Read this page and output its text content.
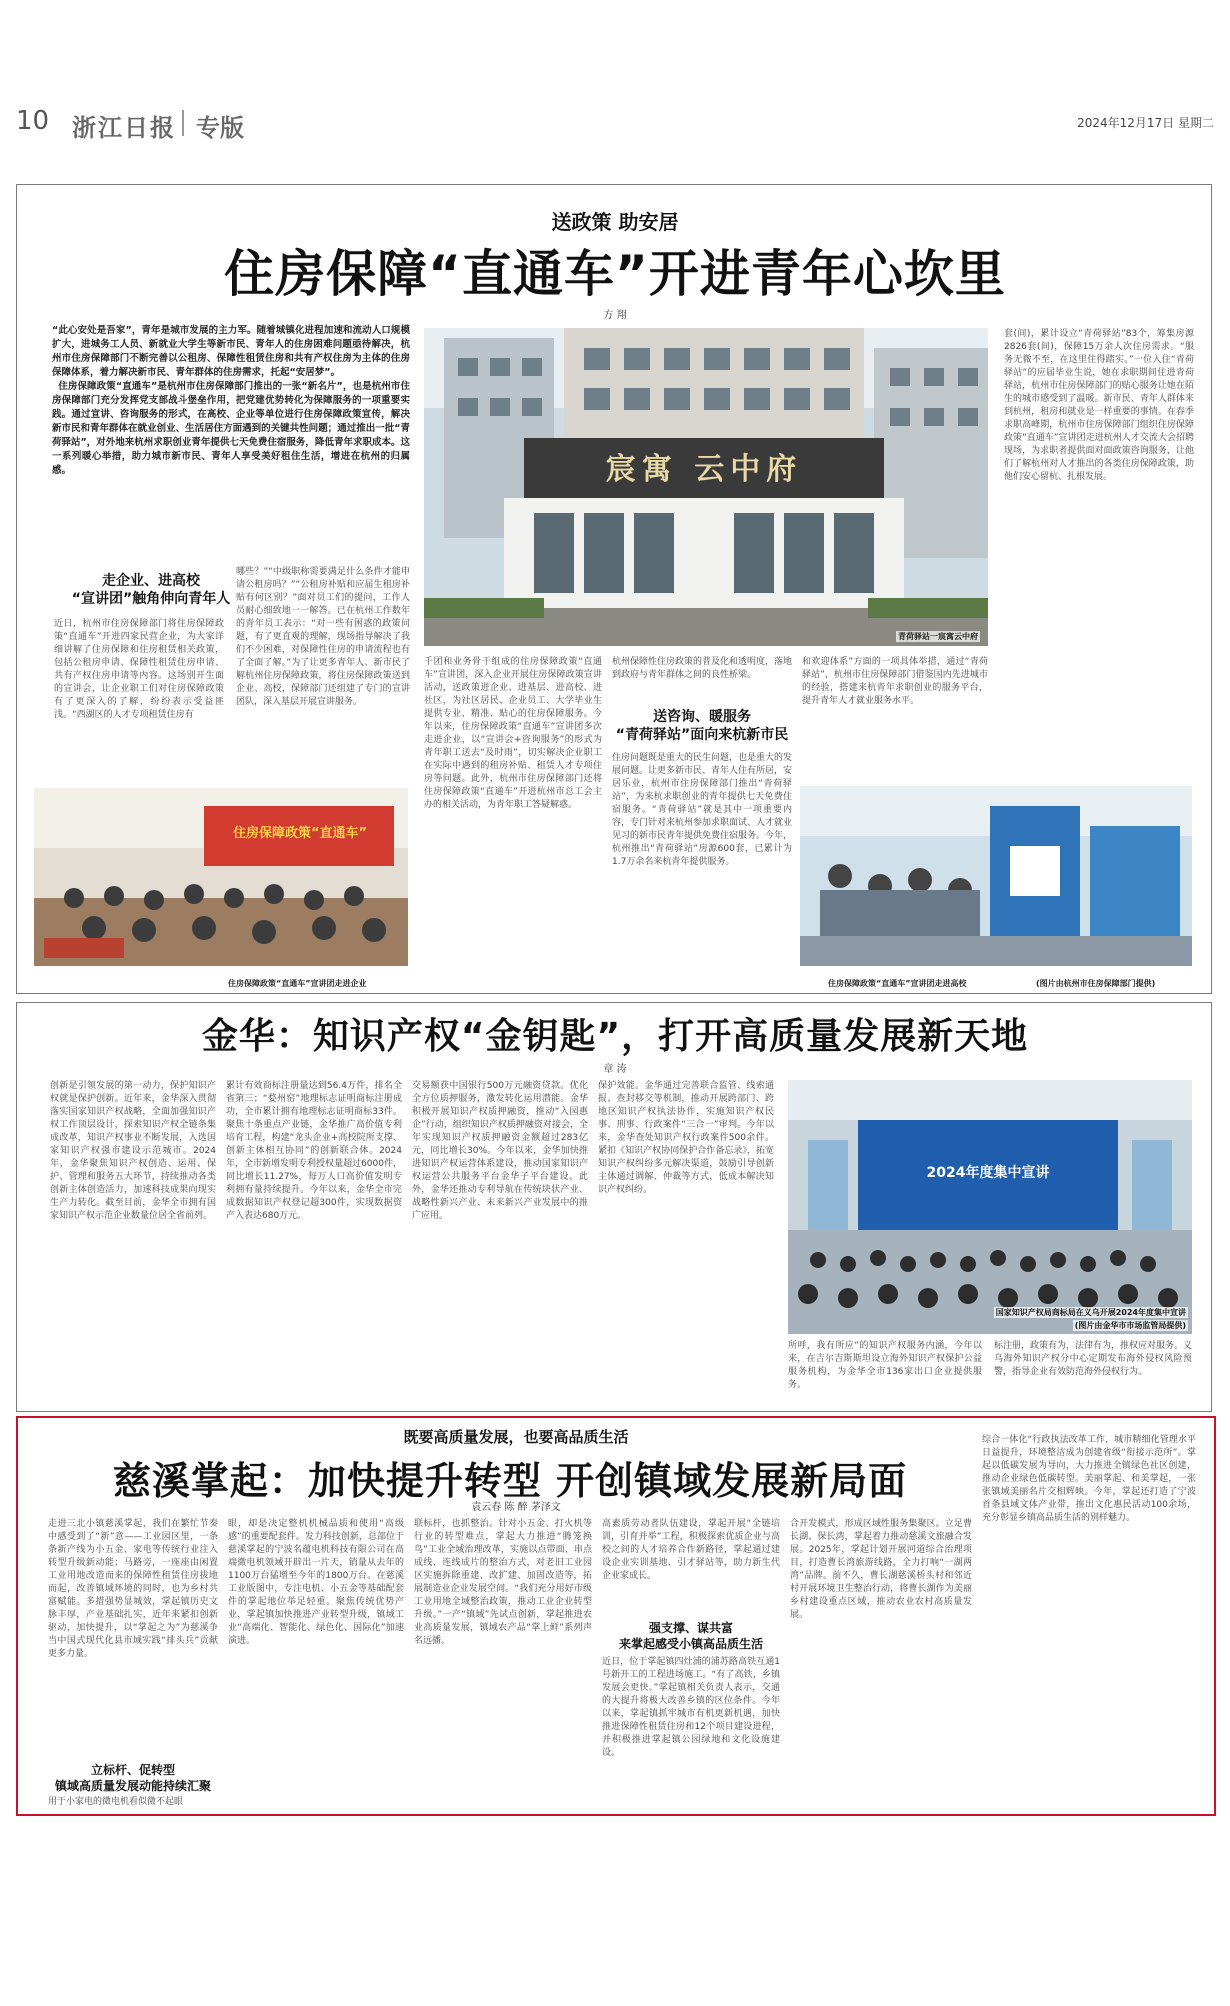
10 浙江日报 专版	2024年12月17日 星期二
送政策 助安居
住房保障“直通车”开进青年心坎里
方 翔
“此心安处是吾家”，青年是城市发展的主力军。随着城镇化进程加速和流动人口规模扩大，进城务工人员、新就业大学生等新市民、青年人的住房困难问题亟待解决，杭州市住房保障部门不断完善以公租房、保障性租赁住房和共有产权住房为主体的住房保障体系，着力解决新市民、青年群体的住房需求，托起“安居梦”。
住房保障政策“直通车”是杭州市住房保障部门推出的一张“新名片”，也是杭州市住房保障部门充分发挥党支部战斗堡垒作用，把党建优势转化为保障服务的一项重要实践。通过宣讲、咨询服务的形式，在高校、企业等单位进行住房保障政策宣传，解决新市民和青年群体在就业创业、生活居住方面遇到的关键共性问题；通过推出一批“青荷驿站”，对外地来杭州求职创业青年提供七天免费住宿服务，降低青年求职成本。这一系列暖心举措，助力城市新市民、青年人享受美好租住生活，增进在杭州的归属感。
走企业、进高校
“宣讲团”触角伸向青年人
近日，杭州市住房保障部门将住房保障政策“直通车”开进四家民营企业，为大家详细讲解了住房保障和住房租赁相关政策，包括公租房申请、保障性租赁住房申请、共有产权住房申请等内容。这场别开生面的宣讲会，让企业职工们对住房保障政策有了更深入的了解，纷纷表示受益匪浅。“西湖区的人才专项租赁住房有
哪些？”“中级职称需要满足什么条件才能申请公租房吗？”“公租房补贴和应届生租房补贴有何区别？”面对员工们的提问，工作人员耐心细致地一一解答。已在杭州工作数年的青年员工表示：“对一些有困惑的政策问题，有了更直观的理解，现场指导解决了我们不少困难，对保障性住房的申请流程也有了全面了解。”为了让更多青年人、新市民了解杭州住房保障政策，将住房保障政策送到企业、高校，保障部门还组建了专门的宣讲团队，深入基层开展宣讲服务。
宸寓 云中府
青荷驿站一宸寓云中府
千团和业务骨干组成的住房保障政策“直通车”宣讲团，深入企业开展住房保障政策宣讲活动，送政策进企业、进基层、进高校、进社区，为社区居民、企业员工、大学毕业生提供专业、精准、贴心的住房保障服务。今年以来，住房保障政策“直通车”宣讲团多次走进企业，以“宣讲会+咨询服务”的形式为青年职工送去“及时雨”，切实解决企业职工在实际中遇到的租房补贴、租赁人才专项住房等问题。此外，杭州市住房保障部门还将住房保障政策“直通车”开进杭州市总工会主办的相关活动，为青年职工答疑解惑。
杭州保障性住房政策的普及化和透明度，落地到政府与青年群体之间的良性桥梁。
送咨询、暖服务
“青荷驿站”面向来杭新市民
住房问题既是重大的民生问题，也是重大的发展问题。让更多新市民、青年人住有所居，安居乐业，杭州市住房保障部门推出“青荷驿站”，为来杭求职创业的青年提供七天免费住宿服务。“青荷驿站”就是其中一项重要内容，专门针对来杭州参加求职面试、人才就业见习的新市民青年提供免费住宿服务。今年，杭州推出“青荷驿站”房源600套，已累计为1.7万余名来杭青年提供服务。
和欢迎体系”方面的一项具体举措，通过“青荷驿站”，杭州市住房保障部门借鉴国内先进城市的经验，搭建来杭青年求职创业的服务平台，提升青年人才就业服务水平。
套(间)，累计设立“青荷驿站”83个，筹集房源2826套(间)，保障15万余人次住房需求。“服务无微不至，在这里住得踏实。”一位入住“青荷驿站”的应届毕业生说，她在求职期间住进青荷驿站，杭州市住房保障部门的贴心服务让她在陌生的城市感受到了温暖。新市民、青年人群体来到杭州，租房和就业是一样重要的事情。在春季求职高峰期，杭州市住房保障部门组织住房保障政策“直通车”宣讲团走进杭州人才交流大会招聘现场，为求职者提供面对面政策咨询服务，让他们了解杭州对人才推出的各类住房保障政策，助他们安心留杭、扎根发展。
住房保障政策“直通车”
住房保障政策“直通车”宣讲团走进企业	住房保障政策“直通车”宣讲团走进高校	(图片由杭州市住房保障部门提供)
金华：知识产权“金钥匙”，打开高质量发展新天地
章 涛
创新是引领发展的第一动力，保护知识产权就是保护创新。近年来，金华深入贯彻落实国家知识产权战略，全面加强知识产权工作顶层设计，探索知识产权全链条集成改革，知识产权事业不断发展，入选国家知识产权强市建设示范城市。2024年，金华聚焦知识产权创造、运用、保护、管理和服务五大环节，持续推动各类创新主体创造活力，加速科技成果向现实生产力转化。截至目前，金华全市拥有国家知识产权示范企业数量位居全省前列。
累计有效商标注册量达到56.4万件，排名全省第三；“婺州窑”地理标志证明商标注册成功，全市累计拥有地理标志证明商标33件。聚焦十条重点产业链，金华推广高价值专利培育工程，构建“龙头企业+高校院所支撑、创新主体相互协同”的创新联合体。2024年，全市新增发明专利授权量超过6000件，同比增长11.27%，每万人口高价值发明专利拥有量持续提升。今年以来，金华全市完成数据知识产权登记超300件，实现数据资产入表达680万元。
交易额获中国银行500万元融资贷款。优化全方位质押服务，激发转化运用潜能。金华积极开展知识产权质押融资，推动“入园惠企”行动，组织知识产权质押融资对接会，全年实现知识产权质押融资金额超过283亿元，同比增长30%。今年以来，金华加快推进知识产权运营体系建设，推动国家知识产权运营公共服务平台金华子平台建设。此外，金华还推动专利导航在传统块状产业、战略性新兴产业、未来新兴产业发展中的推广应用。
保护效能。金华通过完善联合监管、线索通报、查封移交等机制，推动开展跨部门、跨地区知识产权执法协作，实施知识产权民事、刑事、行政案件“三合一”审判。今年以来，金华查处知识产权行政案件500余件。紧扣《知识产权协同保护合作备忘录》，拓宽知识产权纠纷多元解决渠道，鼓励引导创新主体通过调解、仲裁等方式，低成本解决知识产权纠纷。
2024年度集中宣讲
国家知识产权局商标局在义乌开展2024年度集中宣讲
(图片由金华市市场监管局提供)
所呼，我有所应”的知识产权服务内涵，今年以来，在吉尔吉斯斯坦设立海外知识产权保护公益服务机构，为金华全市136家出口企业提供服务。
标注册，政策有为，法律有为，推权应对服务。义乌海外知识产权分中心定期发布海外侵权风险预警，指导企业有效防范海外侵权行为。
既要高质量发展，也要高品质生活
慈溪掌起：加快提升转型 开创镇域发展新局面
袁云春 陈 醉 茅泽文
走进三北小镇慈溪掌起，我们在繁忙节奏中感受到了“新”意——工业园区里，一条条新产线为小五金、家电等传统行业注入转型升级新动能；马路旁，一座座由闲置工业用地改造而来的保障性租赁住房拔地而起，改善镇域环境的同时，也为乡村共富赋能。多措强势显城效，掌起镇历史文脉丰厚，产业基础扎实，近年来紧扣创新驱动，加快提升，以“掌起之为”为慈溪争当中国式现代化县市域实践“排头兵”贡献更多力量。
立标杆、促转型
镇域高质量发展动能持续汇聚
用于小家电的微电机看似微不起眼
眼，却是决定整机机械品质和使用“高级感”的重要配套件。发力科技创新，总部位于慈溪掌起的宁波名蕴电机科技有限公司在高端微电机领域开辟出一片天，销量从去年的1100万台猛增至今年的1800万台。在慈溪工业版图中，专注电机、小五金等基础配套件的掌起地位举足轻重。聚焦传统优势产业，掌起镇加快推进产业转型升级，镇域工业“高端化、智能化、绿色化、国际化”加速演进。
联标杆，也抓整治。针对小五金、打火机等行业的转型难点，掌起大力推进“腾笼换鸟”工业全域治理改革，实施以点带面、串点成线、连线成片的整治方式，对老旧工业园区实施拆除重建、改扩建、加固改造等，拓展制造业企业发展空间。“我们充分用好市级工业用地全域整治政策，推动工业企业转型升级。”一产“镇域”先试点创新，掌起推进农业高质量发展，镇域农产品“掌上鲜”系列声名远播。
高素质劳动者队伍建设，掌起开展“全链培训，引育并举”工程，积极探索优质企业与高校之间的人才培养合作新路径，掌起通过建设企业实训基地、引才驿站等，助力新生代企业家成长。
强支撑、谋共富
来掌起感受小镇高品质生活
近日，位于掌起镇四灶浦的浦苏路高铁互通1号新开工的工程进场施工。“有了高铁，乡镇发展会更快。”掌起镇相关负责人表示，交通的大提升将极大改善乡镇的区位条件。今年以来，掌起镇抓牢城市有机更新机遇，加快推进保障性租赁住房和12个项目建设进程，并积极推进掌起镇公园绿地和文化设施建设。
合开发模式，形成区域性服务集聚区。立足曹长湖、保长湾，掌起着力推动慈溪文旅融合发展。2025年，掌起计划开展河道综合治理项目，打造曹长湾旅游线路，全力打响“一湖两湾”品牌。前不久，曹长湖慈溪桥头村和邻近村开展环境卫生整治行动，将曹长湖作为美丽乡村建设重点区域，推动农业农村高质量发展。
综合一体化“行政执法改革工作，城市精细化管理水平日益提升，环境整洁成为创建省级“衔接示范所”。掌起以低碳发展为导向，大力推进全镇绿色社区创建，推动企业绿色低碳转型。美丽掌起、和美掌起，一张张镇域美丽名片交相辉映。今年，掌起还打造了宁波首条县域文体产业带，推出文化惠民活动100余场，充分彰显乡镇高品质生活的别样魅力。
